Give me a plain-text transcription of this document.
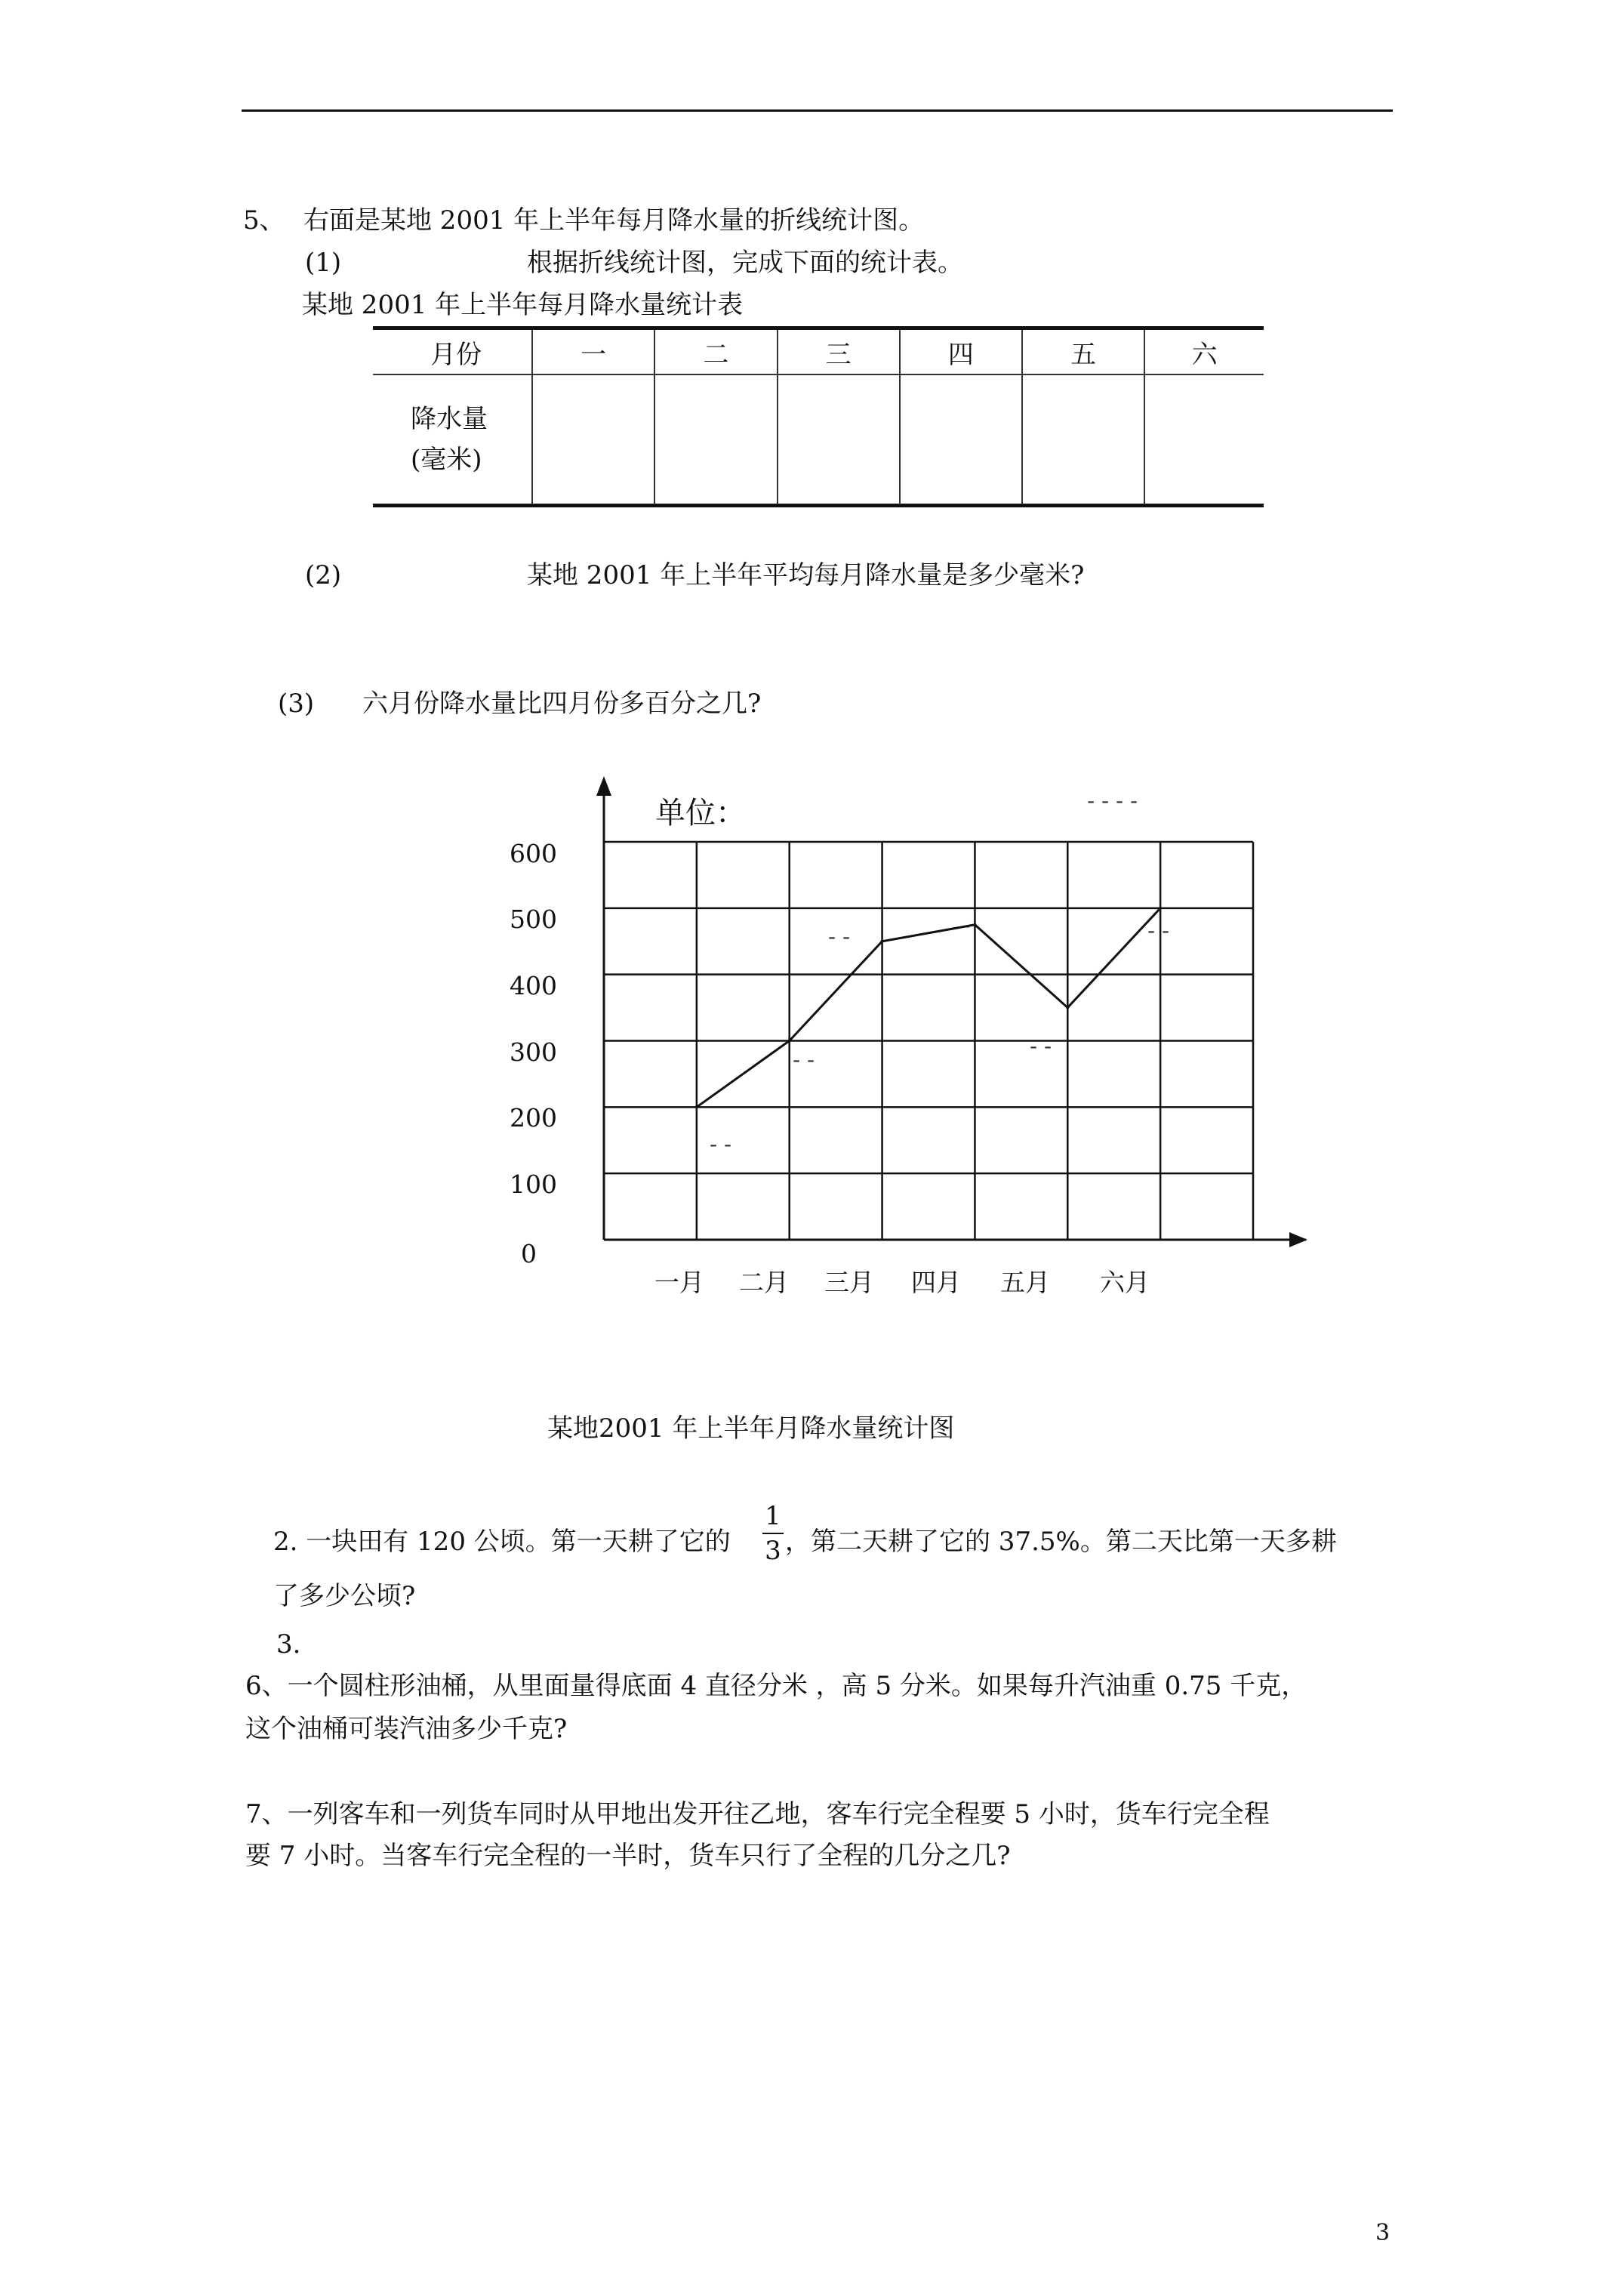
5、 右面是某地 2001 年上半年每月降水量的折线统计图。
(1)	根据折线统计图，完成下面的统计表。
某地 2001 年上半年每月降水量统计表
月份	一	二	三	四	五	六
降水量(毫米)						
(2)	某地 2001 年上半年平均每月降水量是多少毫米?
(3) 六月份降水量比四月份多百分之几?
0
100
200
300
400
500
600
一月 二月 三月 四月 五月 六月
- -
- -
- -	-
- -
- -
单位：	- - - -
某地2001 年上半年月降水量统计图
2. 一块田有 120 公顷。第一天耕了它的
1
3 ，第二天耕了它的 37.5%。第二天比第一天多耕
了多少公顷?
3.
6、一个圆柱形油桶，从里面量得底面 4 直径分米 ，高 5 分米。如果每升汽油重 0.75 千克，
这个油桶可装汽油多少千克?
7、一列客车和一列货车同时从甲地出发开往乙地，客车行完全程要 5 小时，货车行完全程
要 7 小时。当客车行完全程的一半时，货车只行了全程的几分之几?
3
